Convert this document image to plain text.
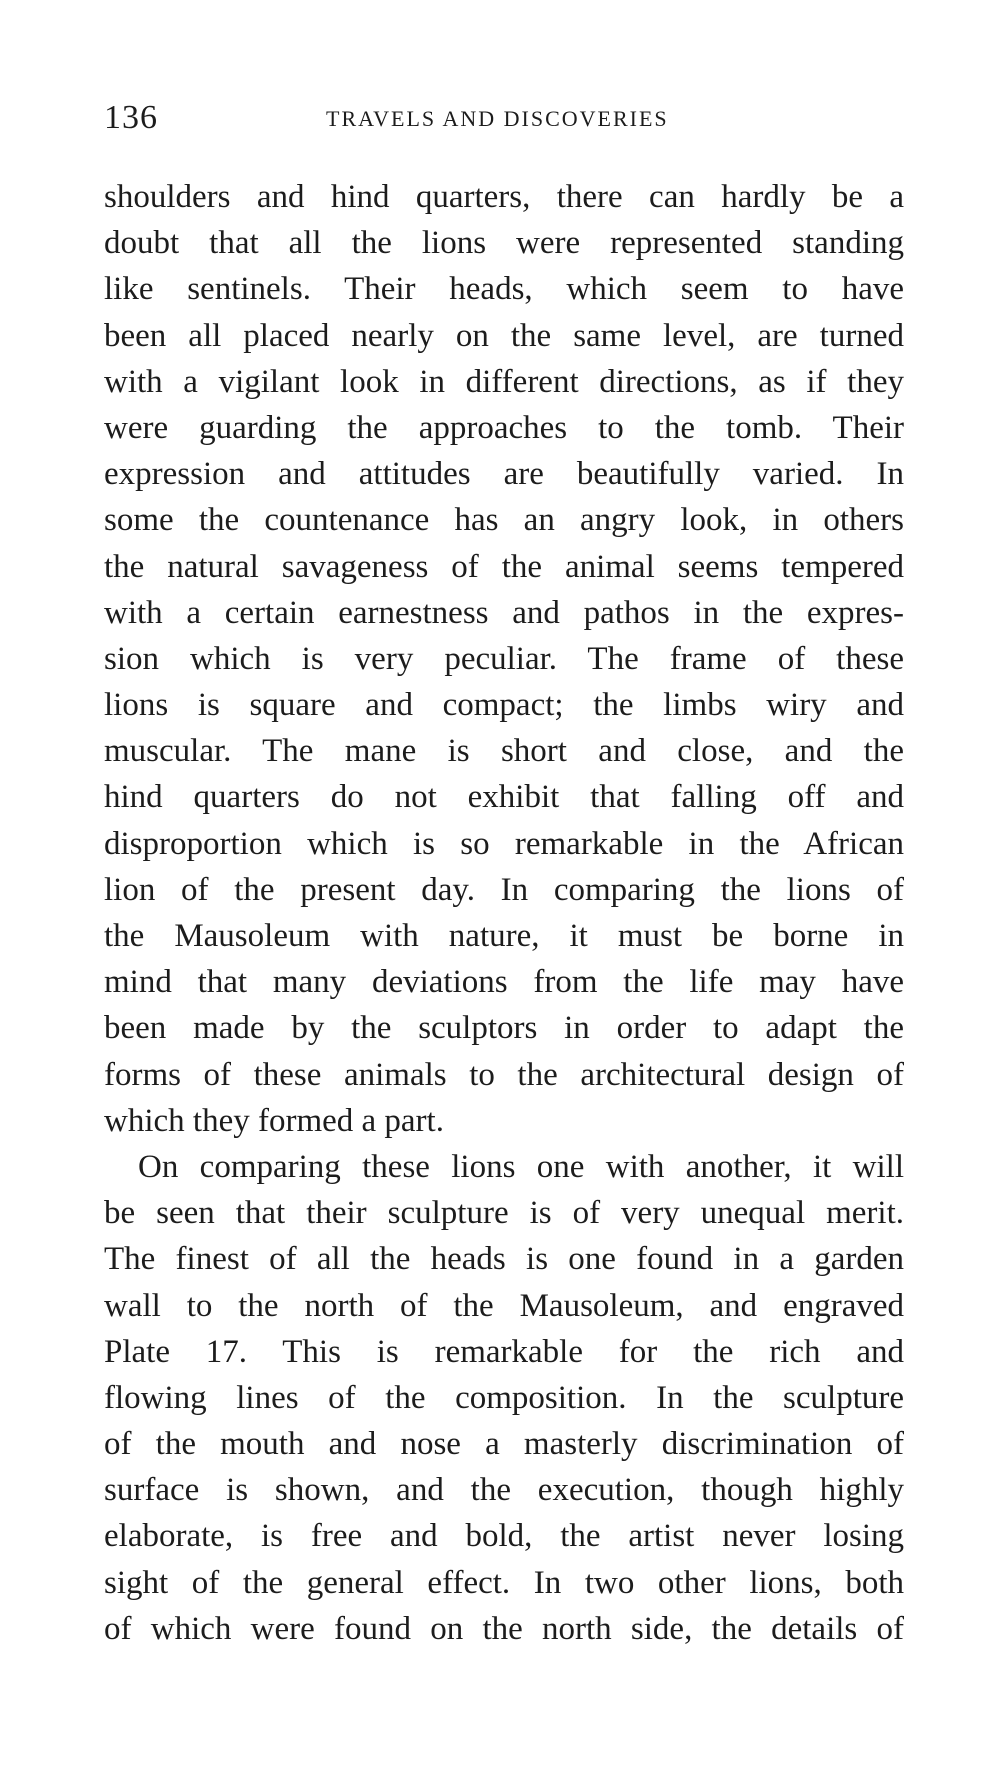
136	TRAVELS AND DISCOVERIES
shoulders and hind quarters, there can hardly be a
doubt that all the lions were represented standing
like sentinels. Their heads, which seem to have
been all placed nearly on the same level, are turned
with a vigilant look in different directions, as if they
were guarding the approaches to the tomb. Their
expression and attitudes are beautifully varied. In
some the countenance has an angry look, in others
the natural savageness of the animal seems tempered
with a certain earnestness and pathos in the expres-
sion which is very peculiar. The frame of these
lions is square and compact; the limbs wiry and
muscular. The mane is short and close, and the
hind quarters do not exhibit that falling off and
disproportion which is so remarkable in the African
lion of the present day. In comparing the lions of
the Mausoleum with nature, it must be borne in
mind that many deviations from the life may have
been made by the sculptors in order to adapt the
forms of these animals to the architectural design of
which they formed a part.
On comparing these lions one with another, it will
be seen that their sculpture is of very unequal merit.
The finest of all the heads is one found in a garden
wall to the north of the Mausoleum, and engraved
Plate 17. This is remarkable for the rich and
flowing lines of the composition. In the sculpture
of the mouth and nose a masterly discrimination of
surface is shown, and the execution, though highly
elaborate, is free and bold, the artist never losing
sight of the general effect. In two other lions, both
of which were found on the north side, the details of
